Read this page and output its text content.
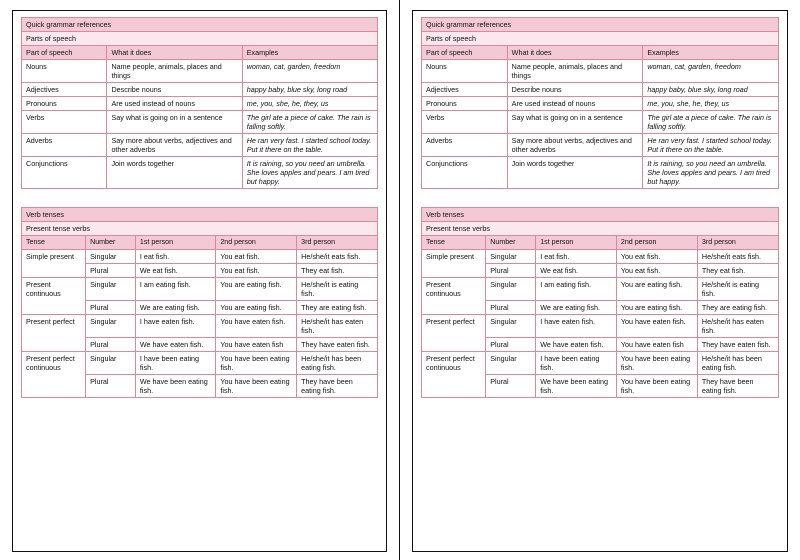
Quick grammar references		
Parts of speech		
Part of speech	What it does	Examples
Nouns	Name people, animals, places and things	woman, cat, garden, freedom
Adjectives	Describe nouns	happy baby, blue sky, long road
Pronouns	Are used instead of nouns	me, you, she, he, they, us
Verbs	Say what is going on in a sentence	The girl ate a piece of cake. The rain is falling softly.
Adverbs	Say more about verbs, adjectives and other adverbs	He ran very fast. I started school today. Put it there on the table.
Conjunctions	Join words together	It is raining, so you need an umbrella. She loves apples and pears. I am tired but happy.
Verb tenses				
Present tense verbs				
Tense	Number	1st person	2nd person	3rd person
Simple present	Singular	I eat fish.	You eat fish.	He/she/it eats fish.
	Plural	We eat fish.	You eat fish.	They eat fish.
Present continuous	Singular	I am eating fish.	You are eating fish.	He/she/it is eating fish.
	Plural	We are eating fish.	You are eating fish.	They are eating fish.
Present perfect	Singular	I have eaten fish.	You have eaten fish.	He/she/it has eaten fish.
	Plural	We have eaten fish.	You have eaten fish	They have eaten fish.
Present perfect continuous	Singular	I have been eating fish.	You have been eating fish.	He/she/it has been eating fish.
	Plural	We have been eating fish.	You have been eating fish.	They have been eating fish.
Quick grammar references		
Parts of speech		
Part of speech	What it does	Examples
Nouns	Name people, animals, places and things	woman, cat, garden, freedom
Adjectives	Describe nouns	happy baby, blue sky, long road
Pronouns	Are used instead of nouns	me, you, she, he, they, us
Verbs	Say what is going on in a sentence	The girl ate a piece of cake. The rain is falling softly.
Adverbs	Say more about verbs, adjectives and other adverbs	He ran very fast. I started school today. Put it there on the table.
Conjunctions	Join words together	It is raining, so you need an umbrella. She loves apples and pears. I am tired but happy.
Verb tenses				
Present tense verbs				
Tense	Number	1st person	2nd person	3rd person
Simple present	Singular	I eat fish.	You eat fish.	He/she/it eats fish.
	Plural	We eat fish.	You eat fish.	They eat fish.
Present continuous	Singular	I am eating fish.	You are eating fish.	He/she/it is eating fish.
	Plural	We are eating fish.	You are eating fish.	They are eating fish.
Present perfect	Singular	I have eaten fish.	You have eaten fish.	He/she/it has eaten fish.
	Plural	We have eaten fish.	You have eaten fish	They have eaten fish.
Present perfect continuous	Singular	I have been eating fish.	You have been eating fish.	He/she/it has been eating fish.
	Plural	We have been eating fish.	You have been eating fish.	They have been eating fish.
